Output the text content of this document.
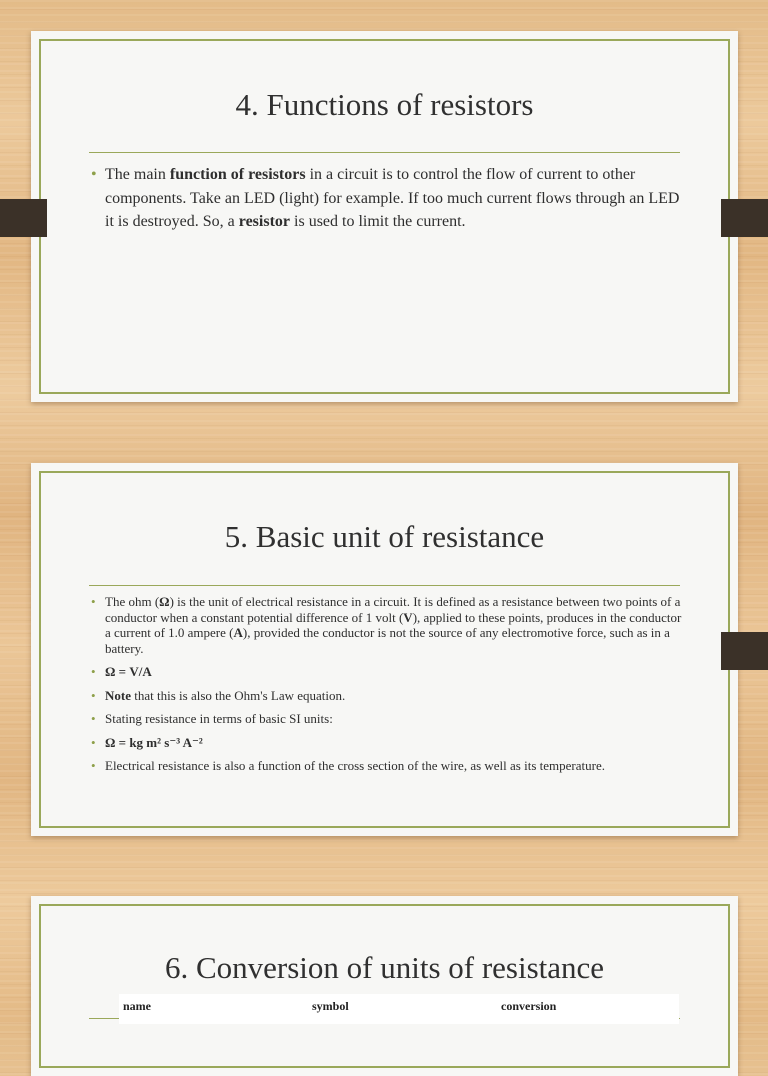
4. Functions of resistors
• The main function of resistors in a circuit is to control the flow of current to other components. Take an LED (light) for example. If too much current flows through an LED it is destroyed. So, a resistor is used to limit the current.
5. Basic unit of resistance
• The ohm (Ω) is the unit of electrical resistance in a circuit. It is defined as a resistance between two points of a conductor when a constant potential difference of 1 volt (V), applied to these points, produces in the conductor a current of 1.0 ampere (A), provided the conductor is not the source of any electromotive force, such as in a battery.
• Ω = V/A
• Note that this is also the Ohm's Law equation.
• Stating resistance in terms of basic SI units:
• Ω = kg m² s⁻³ A⁻²
• Electrical resistance is also a function of the cross section of the wire, as well as its temperature.
6. Conversion of units of resistance
name	symbol	conversion
